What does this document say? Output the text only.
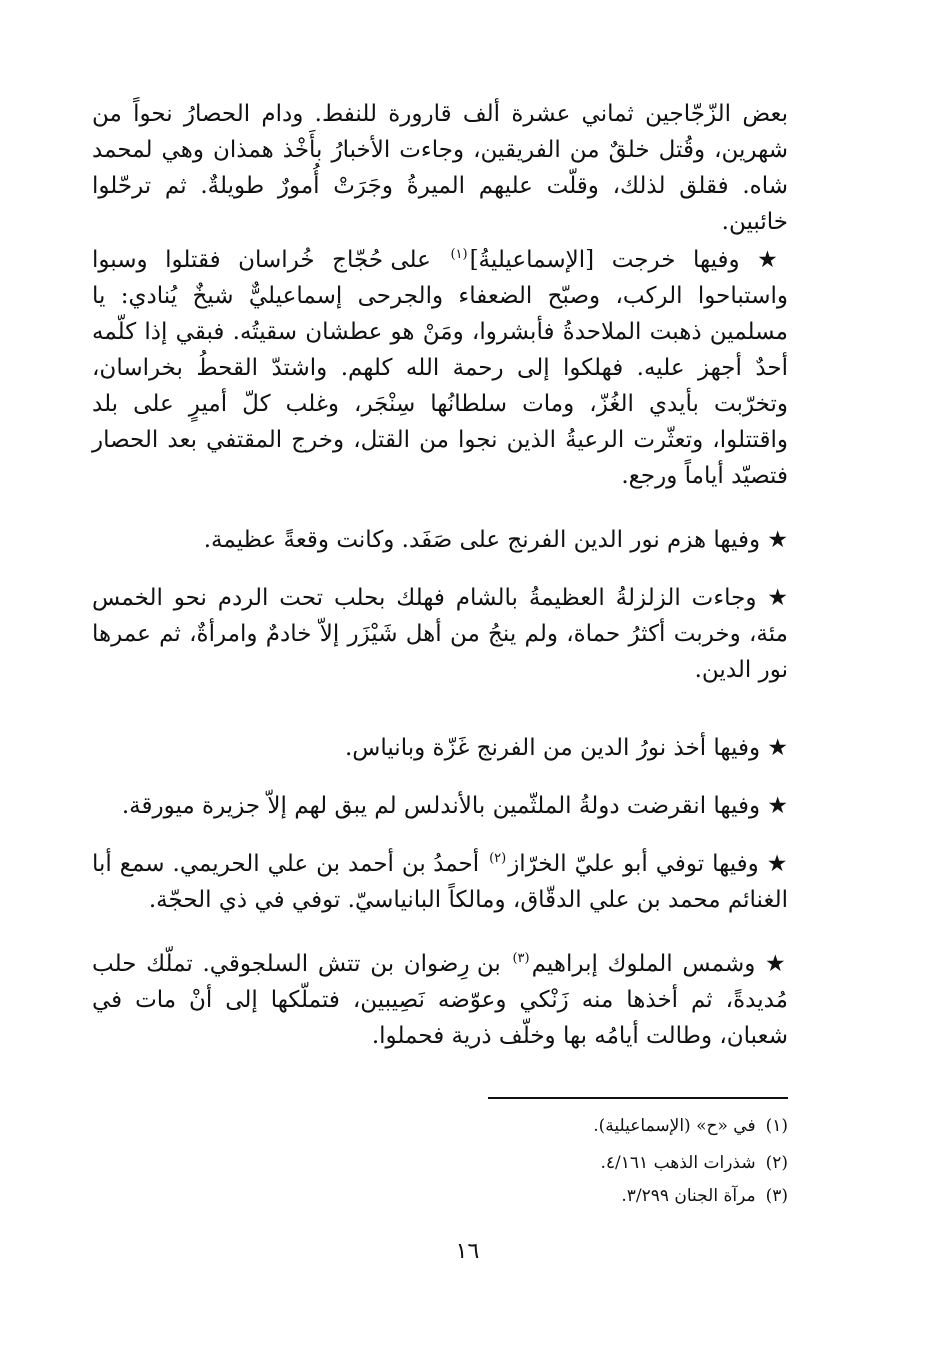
بعض الزّجّاجين ثماني عشرة ألف قارورة للنفط. ودام الحصارُ نحواً من شهرين، وقُتل خلقٌ من الفريقين، وجاءت الأخبارُ بأَخْذ همذان وهي لمحمد شاه. فقلق لذلك، وقلّت عليهم الميرةُ وجَرَتْ أُمورٌ طويلةٌ. ثم ترحّلوا خائبين.
★ وفيها خرجت [الإسماعيليةُ]$^{(١)}$ على حُجّاج خُراسان فقتلوا وسبوا واستباحوا الركب، وصبّح الضعفاء والجرحى إسماعيليٌّ شيخٌ يُنادي: يا مسلمين ذهبت الملاحدةُ فأبشروا، ومَنْ هو عطشان سقيتُه. فبقي إذا كلّمه أحدٌ أجهز عليه. فهلكوا إلى رحمة الله كلهم. واشتدّ القحطُ بخراسان، وتخرّبت بأيدي الغُزّ، ومات سلطانُها سِنْجَر، وغلب كلّ أميرٍ على بلد واقتتلوا، وتعثّرت الرعيةُ الذين نجوا من القتل، وخرج المقتفي بعد الحصار فتصيّد أياماً ورجع.
★ وفيها هزم نور الدين الفرنج على صَفَد. وكانت وقعةً عظيمة.
★ وجاءت الزلزلةُ العظيمةُ بالشام فهلك بحلب تحت الردم نحو الخمس مئة، وخربت أكثرُ حماة، ولم ينجُ من أهل شَيْزَر إلاّ خادمٌ وامرأةٌ، ثم عمرها نور الدين.
★ وفيها أخذ نورُ الدين من الفرنج غَزّة وبانياس.
★ وفيها انقرضت دولةُ الملثّمين بالأندلس لم يبق لهم إلاّ جزيرة ميورقة.
★ وفيها توفي أبو عليّ الخرّاز$^{(٢)}$ أحمدُ بن أحمد بن علي الحريمي. سمع أبا الغنائم محمد بن علي الدقّاق، ومالكاً البانياسيّ. توفي في ذي الحجّة.
★ وشمس الملوك إبراهيم$^{(٣)}$ بن رِضوان بن تتش السلجوقي. تملّك حلب مُديدةً، ثم أخذها منه زَنْكي وعوّضه نَصِيبين، فتملّكها إلى أنْ مات في شعبان، وطالت أيامُه بها وخلّف ذرية فحملوا.
(١)في «ح» (الإسماعيلية).
(٢)شذرات الذهب ٤/١٦١.
(٣)مرآة الجنان ٣/٢٩٩.
١٦
